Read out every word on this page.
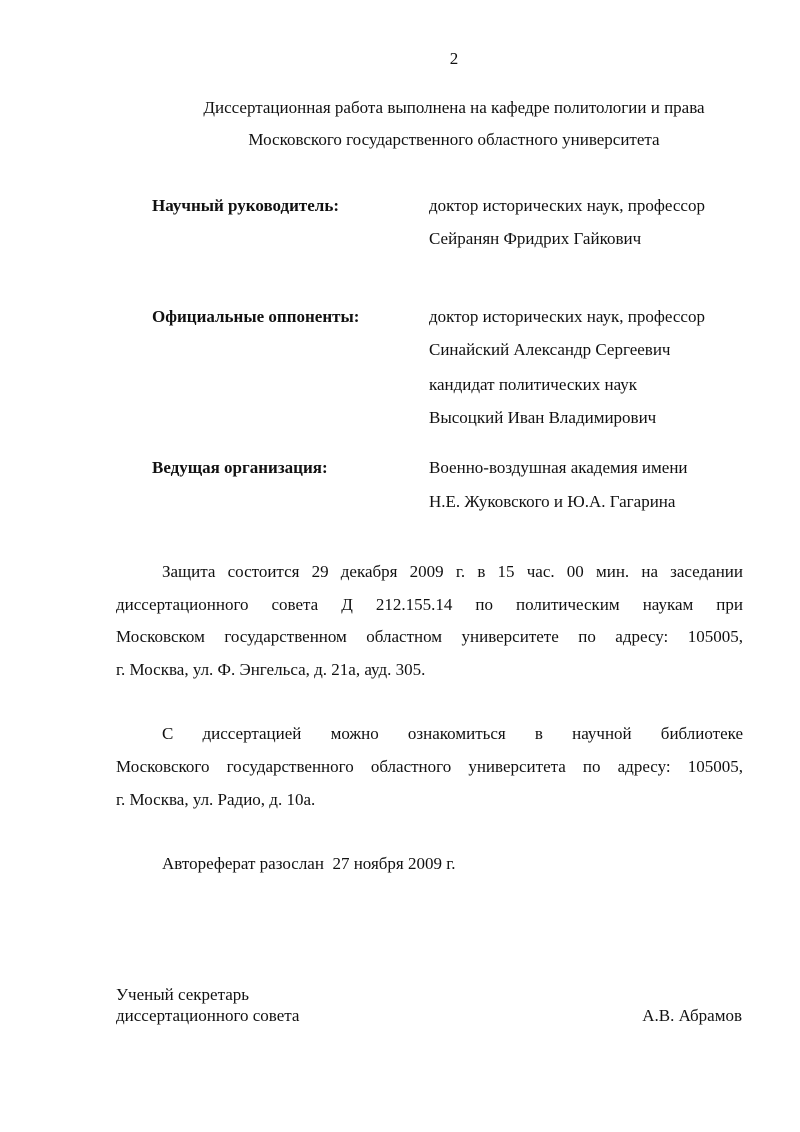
2
Диссертационная работа выполнена на кафедре политологии и права
Московского государственного областного университета
Научный руководитель:	доктор исторических наук, профессор
Сейранян Фридрих Гайкович
Официальные оппоненты:	доктор исторических наук, профессор
Синайский Александр Сергеевич
кандидат политических наук
Высоцкий Иван Владимирович
Ведущая организация:	Военно-воздушная академия имени
Н.Е. Жуковского и Ю.А. Гагарина
Защита состоится 29 декабря 2009 г. в 15 час. 00 мин. на заседании
диссертационного совета Д 212.155.14 по политическим наукам при
Московском государственном областном университете по адресу: 105005,
г. Москва, ул. Ф. Энгельса, д. 21а, ауд. 305.
С диссертацией можно ознакомиться в научной библиотеке
Московского государственного областного университета по адресу: 105005,
г. Москва, ул. Радио, д. 10а.
Автореферат разослан  27 ноября 2009 г.
Ученый секретарь
диссертационного совета	А.В. Абрамов
